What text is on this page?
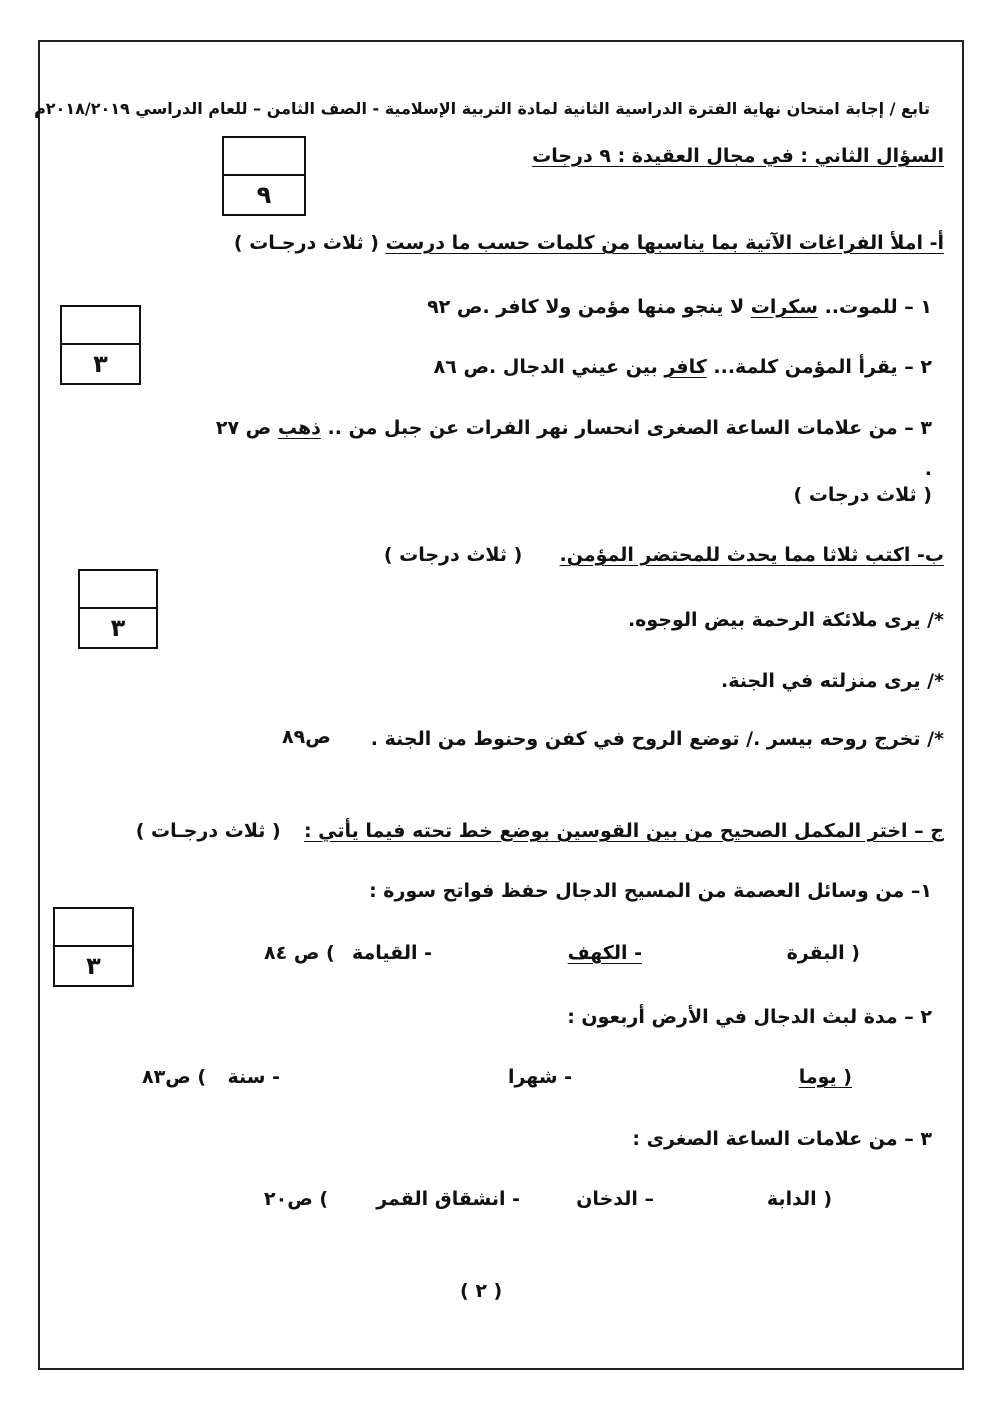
تابع / إجابة امتحان نهاية الفترة الدراسية الثانية لمادة التربية الإسلامية - الصف الثامن – للعام الدراسي ٢٠١٨/٢٠١٩م
السؤال الثاني : في مجال العقيدة : ٩ درجات
٩
أ- املأ الفراغات الآتية بما يناسبها من كلمات حسب ما درست ( ثلاث درجـات )
٣
١ – للموت.. سكرات لا ينجو منها مؤمن ولا كافر .ص ٩٢
٢ – يقرأ المؤمن كلمة... كافر بين عيني الدجال .ص ٨٦
٣ – من علامات الساعة الصغرى انحسار نهر الفرات عن جبل من .. ذهب ص ٢٧
.
( ثلاث درجات )
ب- اكتب ثلاثا مما يحدث للمحتضر المؤمن.  ( ثلاث درجات )
٣	*/ يرى ملائكة الرحمة بيض الوجوه.
*/ يرى منزلته في الجنة.
*/ تخرج روحه بيسر ./ توضع الروح في كفن وحنوط من الجنة .
ص٨٩
ج – اختر المكمل الصحيح من بين القوسين بوضع خط تحته فيما يأتي :  ( ثلاث درجـات )
٣
١– من وسائل العصمة من المسيح الدجال حفظ فواتح سورة :
( البقرة
- الكهف
- القيامة
) ص ٨٤
٢ – مدة لبث الدجال في الأرض أربعون :
( يوما
- شهرا
- سنة
) ص٨٣
٣ – من علامات الساعة الصغرى :
( الدابة
– الدخان
- انشقاق القمر
) ص٢٠
( ٢ )
